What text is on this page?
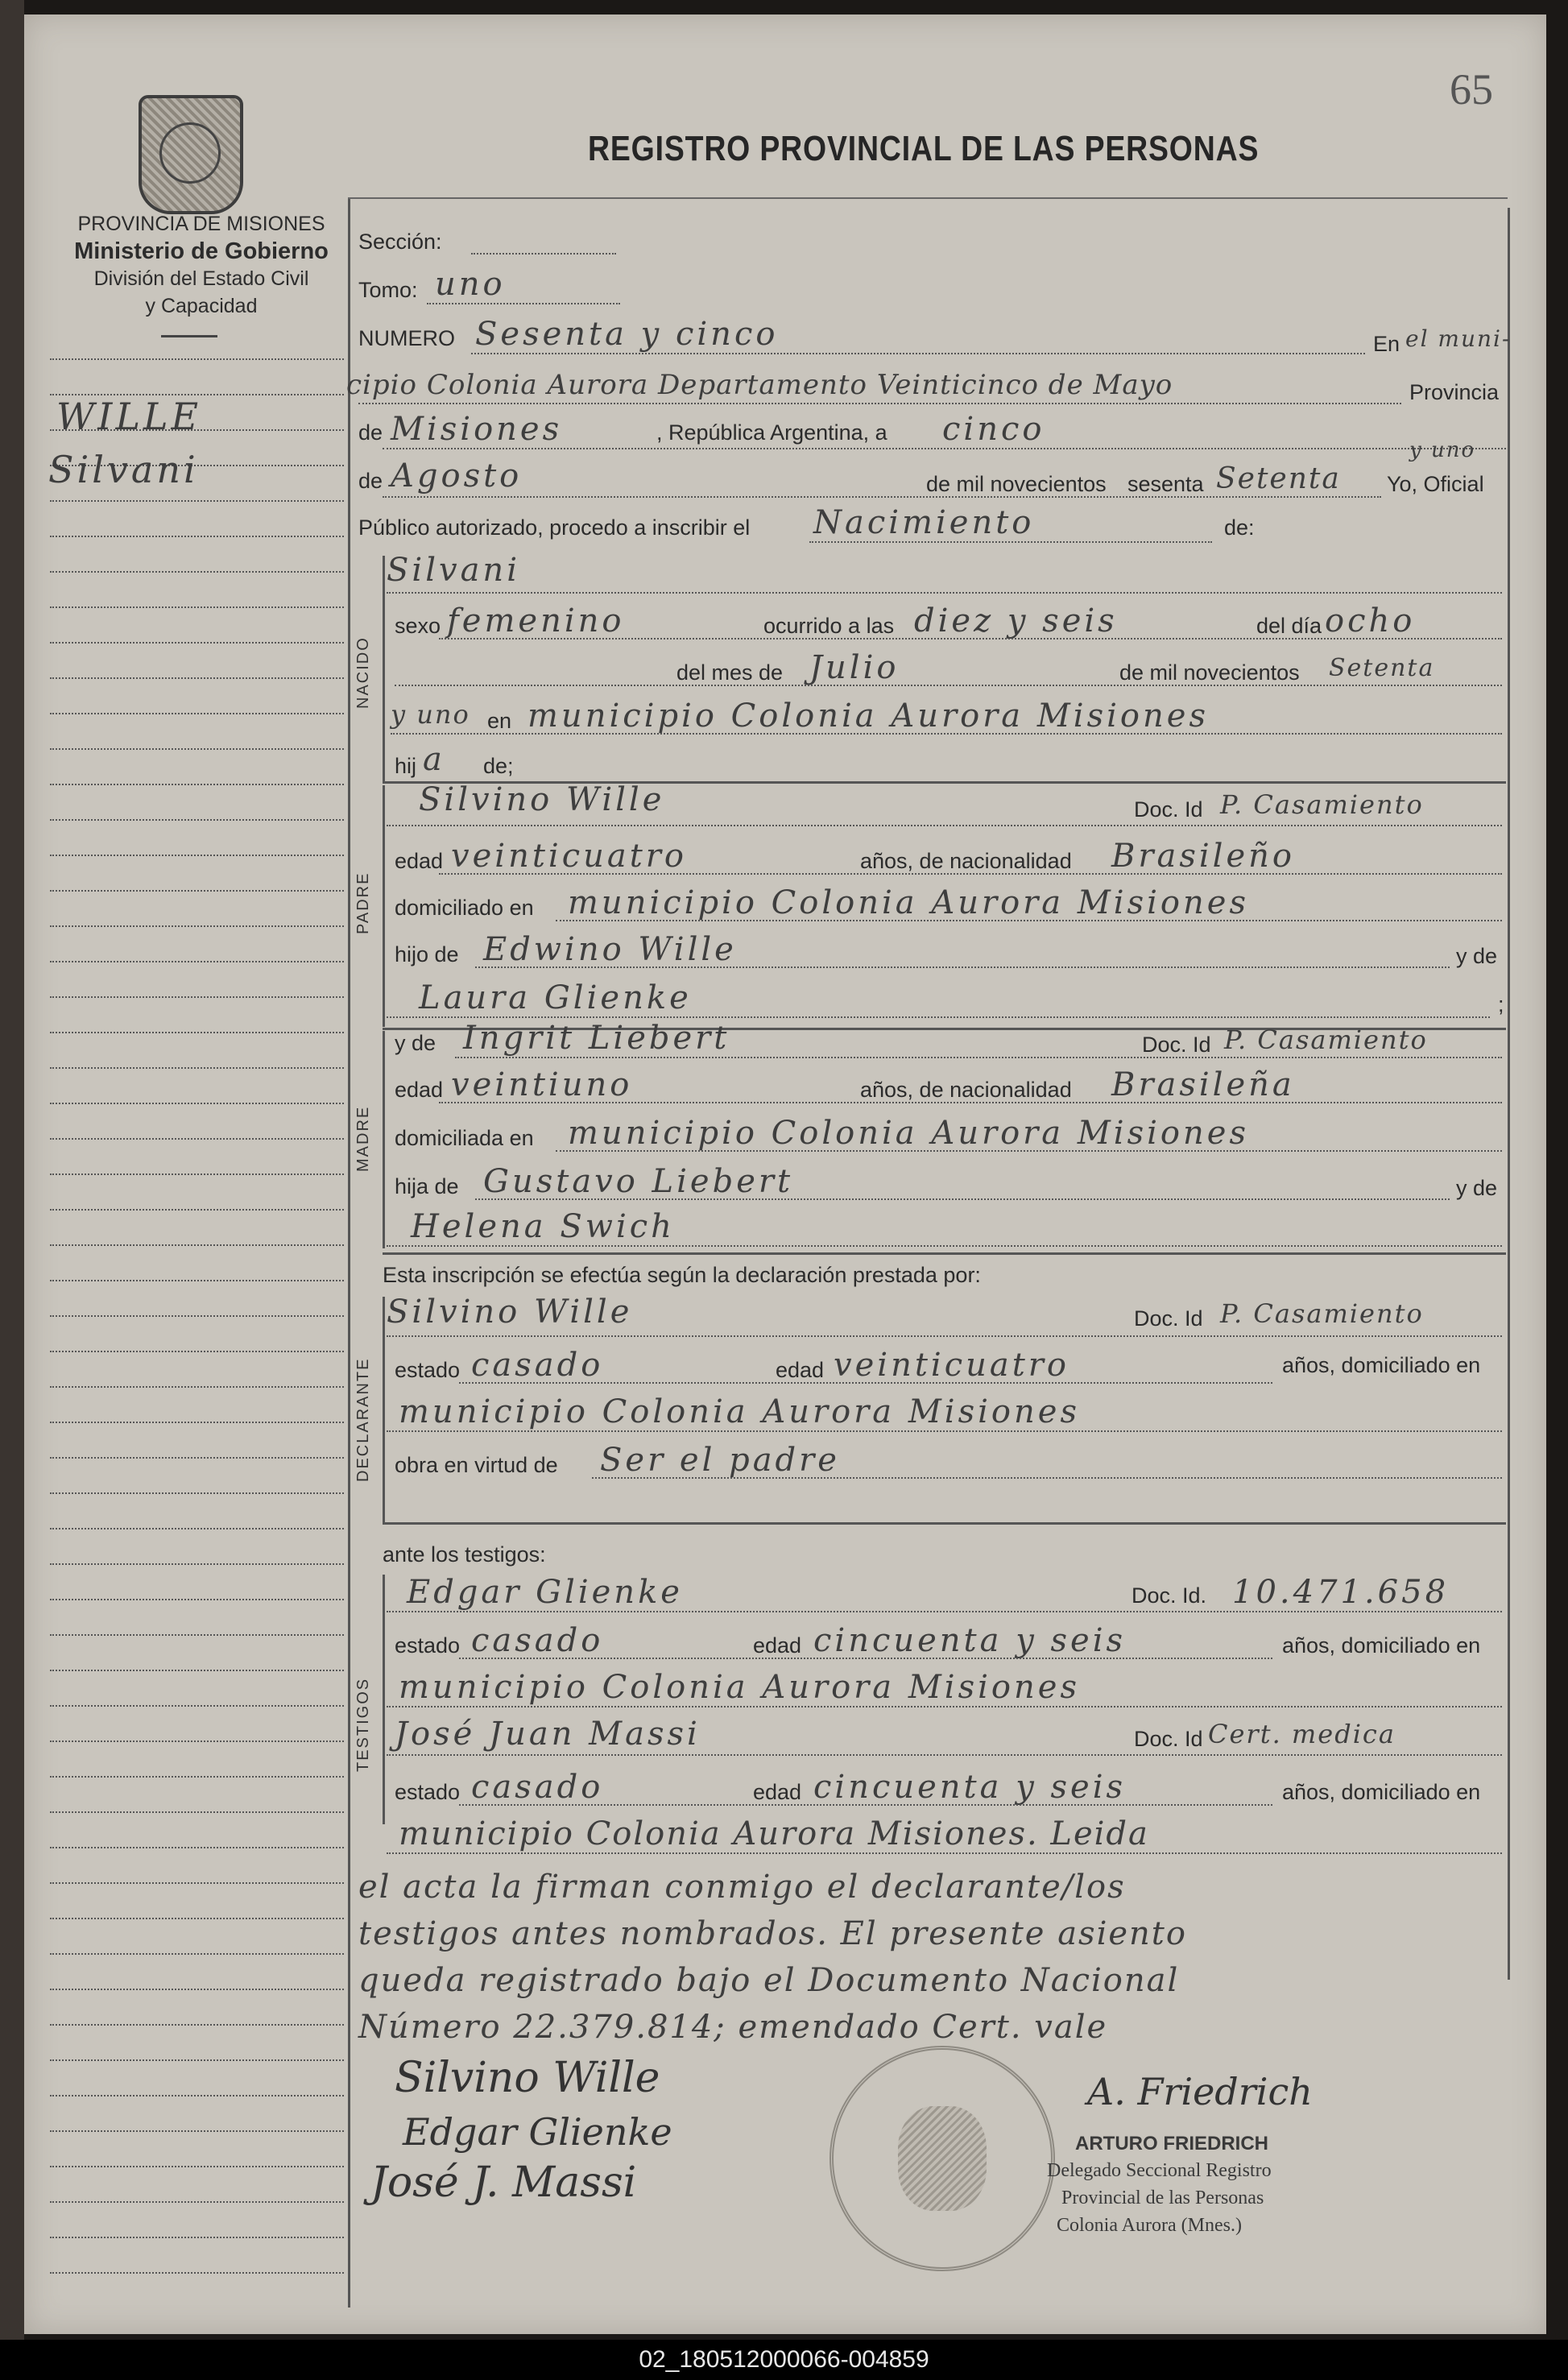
65
REGISTRO PROVINCIAL DE LAS PERSONAS
PROVINCIA DE MISIONES
Ministerio de Gobierno
División del Estado Civil
y Capacidad
WILLE
Silvani
Sección:
Tomo: uno
NUMERO Sesenta y cinco	En el muni-
cipio Colonia Aurora Departamento Veinticinco de Mayo	Provincia
de Misiones	, República Argentina, a cinco
de Agosto	de mil novecientos sesenta Setenta
y uno
Yo, Oficial
Público autorizado, procedo a inscribir el Nacimiento	de:
NACIDO
Silvani
sexo femenino	ocurrido a las diez y seis	del día ocho
del mes de Julio	de mil novecientos Setenta
y uno en municipio Colonia Aurora Misiones
hij a de;
PADRE
Silvino Wille	Doc. Id P. Casamiento
edad veinticuatro	años, de nacionalidad Brasileño
domiciliado en municipio Colonia Aurora Misiones
hijo de Edwino Wille	y de
Laura Glienke	;
MADRE
y de Ingrit Liebert	Doc. Id P. Casamiento
edad veintiuno	años, de nacionalidad Brasileña
domiciliada en municipio Colonia Aurora Misiones
hija de Gustavo Liebert	y de
Helena Swich
Esta inscripción se efectúa según la declaración prestada por:
DECLARANTE
Silvino Wille	Doc. Id P. Casamiento
estado casado	edad veinticuatro	años, domiciliado en
municipio Colonia Aurora Misiones
obra en virtud de Ser el padre
ante los testigos:
TESTIGOS
Edgar Glienke	Doc. Id. 10.471.658
estado casado	edad cincuenta y seis	años, domiciliado en
municipio Colonia Aurora Misiones
José Juan Massi	Doc. Id Cert. medica
estado casado	edad cincuenta y seis	años, domiciliado en
municipio Colonia Aurora Misiones. Leida
el acta la firman conmigo el declarante/los
testigos antes nombrados. El presente asiento
queda registrado bajo el Documento Nacional
Número 22.379.814; emendado Cert. vale
Silvino Wille
Edgar Glienke
José J. Massi
A. Friedrich
ARTURO FRIEDRICH
Delegado Seccional Registro
Provincial de las Personas
Colonia Aurora (Mnes.)
02_180512000066-004859
